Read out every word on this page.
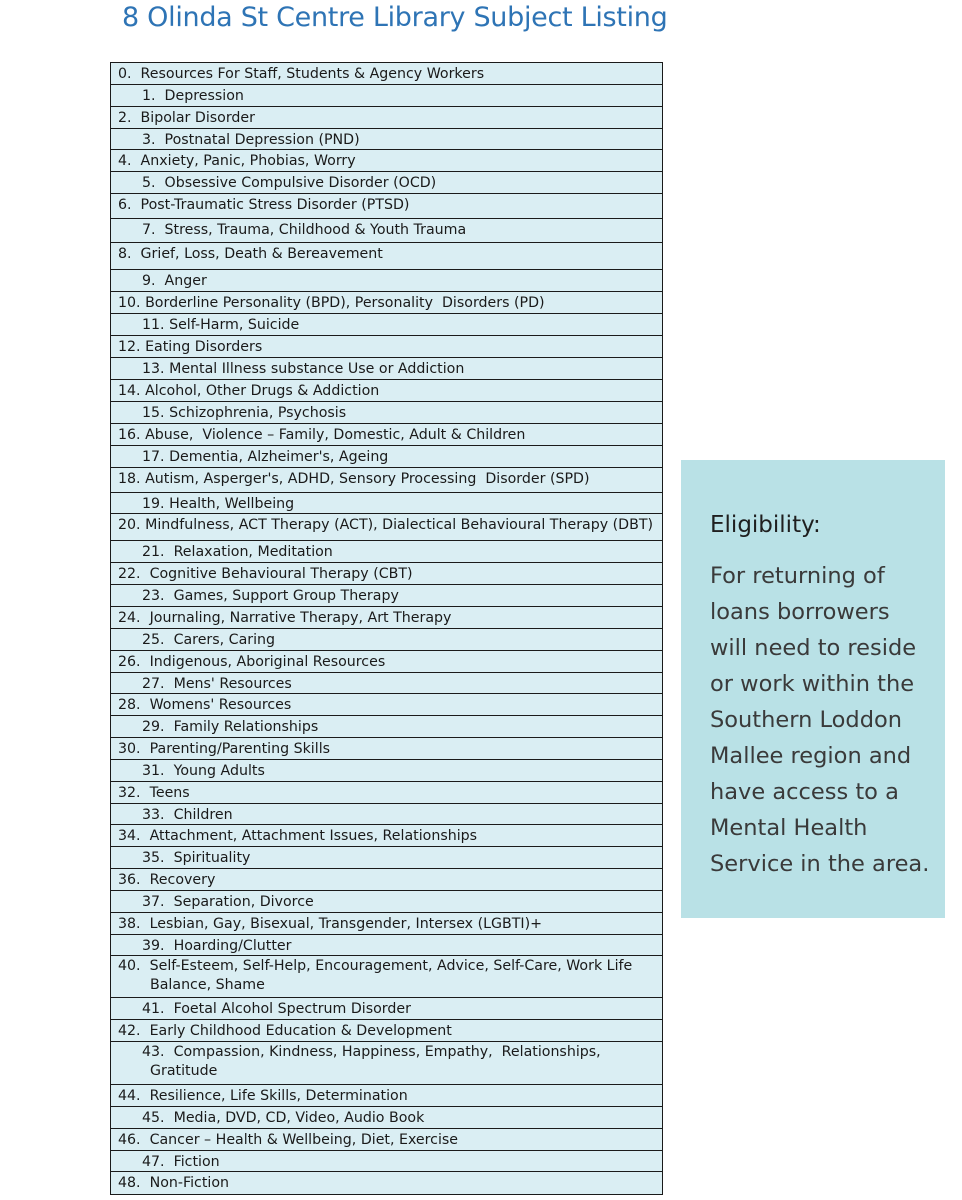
8 Olinda St Centre Library Subject Listing
0.  Resources For Staff, Students & Agency Workers
1.  Depression
2.  Bipolar Disorder
3.  Postnatal Depression (PND)
4.  Anxiety, Panic, Phobias, Worry
5.  Obsessive Compulsive Disorder (OCD)
6.  Post-Traumatic Stress Disorder (PTSD)
7.  Stress, Trauma, Childhood & Youth Trauma
8.  Grief, Loss, Death & Bereavement
9.  Anger
10. Borderline Personality (BPD), Personality  Disorders (PD)
11. Self-Harm, Suicide
12. Eating Disorders
13. Mental Illness substance Use or Addiction
14. Alcohol, Other Drugs & Addiction
15. Schizophrenia, Psychosis
16. Abuse,  Violence – Family, Domestic, Adult & Children
17. Dementia, Alzheimer's, Ageing
18. Autism, Asperger's, ADHD, Sensory Processing  Disorder (SPD)
19. Health, Wellbeing
20. Mindfulness, ACT Therapy (ACT), Dialectical Behavioural Therapy (DBT)
21.  Relaxation, Meditation
22.  Cognitive Behavioural Therapy (CBT)
23.  Games, Support Group Therapy
24.  Journaling, Narrative Therapy, Art Therapy
25.  Carers, Caring
26.  Indigenous, Aboriginal Resources
27.  Mens' Resources
28.  Womens' Resources
29.  Family Relationships
30.  Parenting/Parenting Skills
31.  Young Adults
32.  Teens
33.  Children
34.  Attachment, Attachment Issues, Relationships
35.  Spirituality
36.  Recovery
37.  Separation, Divorce
38.  Lesbian, Gay, Bisexual, Transgender, Intersex (LGBTI)+
39.  Hoarding/Clutter
40.  Self-Esteem, Self-Help, Encouragement, Advice, Self-Care, Work Life
Balance, Shame
41.  Foetal Alcohol Spectrum Disorder
42.  Early Childhood Education & Development
43.  Compassion, Kindness, Happiness, Empathy,  Relationships,
Gratitude
44.  Resilience, Life Skills, Determination
45.  Media, DVD, CD, Video, Audio Book
46.  Cancer – Health & Wellbeing, Diet, Exercise
47.  Fiction
48.  Non-Fiction
Eligibility:
For returning of loans borrowers will need to reside or work within the Southern Loddon Mallee region and have access to a Mental Health Service in the area.
